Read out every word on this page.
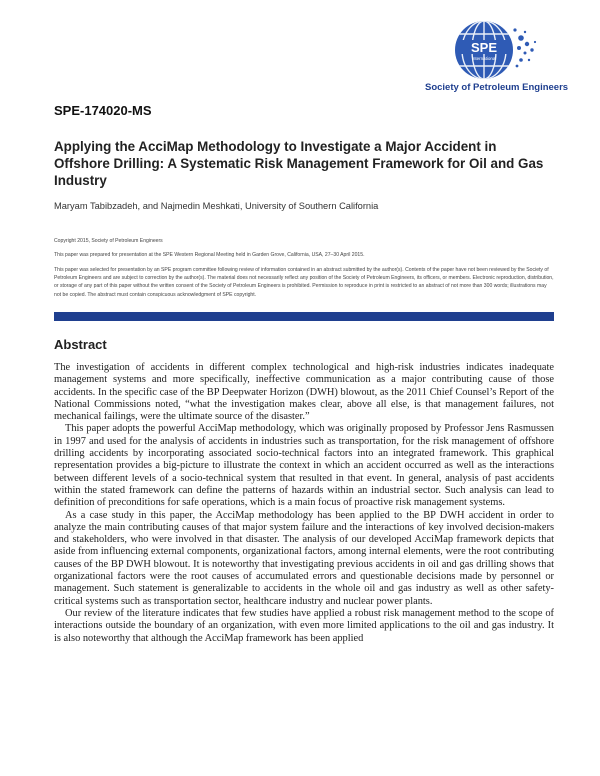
SPE
International
Society of Petroleum Engineers
SPE-174020-MS
Applying the AcciMap Methodology to Investigate a Major Accident in Offshore Drilling: A Systematic Risk Management Framework for Oil and Gas Industry
Maryam Tabibzadeh, and Najmedin Meshkati, University of Southern California

Copyright 2015, Society of Petroleum Engineers

This paper was prepared for presentation at the SPE Western Regional Meeting held in Garden Grove, California, USA, 27–30 April 2015.

This paper was selected for presentation by an SPE program committee following review of information contained in an abstract submitted by the author(s). Contents of the paper have not been reviewed by the Society of Petroleum Engineers and are subject to correction by the author(s). The material does not necessarily reflect any position of the Society of Petroleum Engineers, its officers, or members. Electronic reproduction, distribution, or storage of any part of this paper without the written consent of the Society of Petroleum Engineers is prohibited. Permission to reproduce in print is restricted to an abstract of not more than 300 words; illustrations may not be copied. The abstract must contain conspicuous acknowledgment of SPE copyright.

Abstract

The investigation of accidents in different complex technological and high-risk industries indicates inadequate management systems and more specifically, ineffective communication as a major contributing cause of those accidents. In the specific case of the BP Deepwater Horizon (DWH) blowout, as the 2011 Chief Counsel’s Report of the National Commissions noted, “what the investigation makes clear, above all else, is that management failures, not mechanical failings, were the ultimate source of the disaster.”

This paper adopts the powerful AcciMap methodology, which was originally proposed by Professor Jens Rasmussen in 1997 and used for the analysis of accidents in industries such as transportation, for the risk management of offshore drilling accidents by incorporating associated socio-technical factors into an integrated framework. This graphical representation provides a big-picture to illustrate the context in which an accident occurred as well as the interactions between different levels of a socio-technical system that resulted in that event. In general, analysis of past accidents within the stated framework can define the patterns of hazards within an industrial sector. Such analysis can lead to definition of preconditions for safe operations, which is a main focus of proactive risk management systems.

As a case study in this paper, the AcciMap methodology has been applied to the BP DWH accident in order to analyze the main contributing causes of that major system failure and the interactions of key involved decision-makers and stakeholders, who were involved in that disaster. The analysis of our developed AcciMap framework depicts that aside from influencing external components, organizational factors, among internal elements, were the root contributing causes of the BP DWH blowout. It is noteworthy that investigating previous accidents in oil and gas drilling shows that organizational factors were the root causes of accumulated errors and questionable decisions made by personnel or management. Such statement is generalizable to accidents in the whole oil and gas industry as well as other safety-critical systems such as transportation sector, healthcare industry and nuclear power plants.

Our review of the literature indicates that few studies have applied a robust risk management method to the scope of interactions outside the boundary of an organization, with even more limited applications to the oil and gas industry. It is also noteworthy that although the AcciMap framework has been applied
